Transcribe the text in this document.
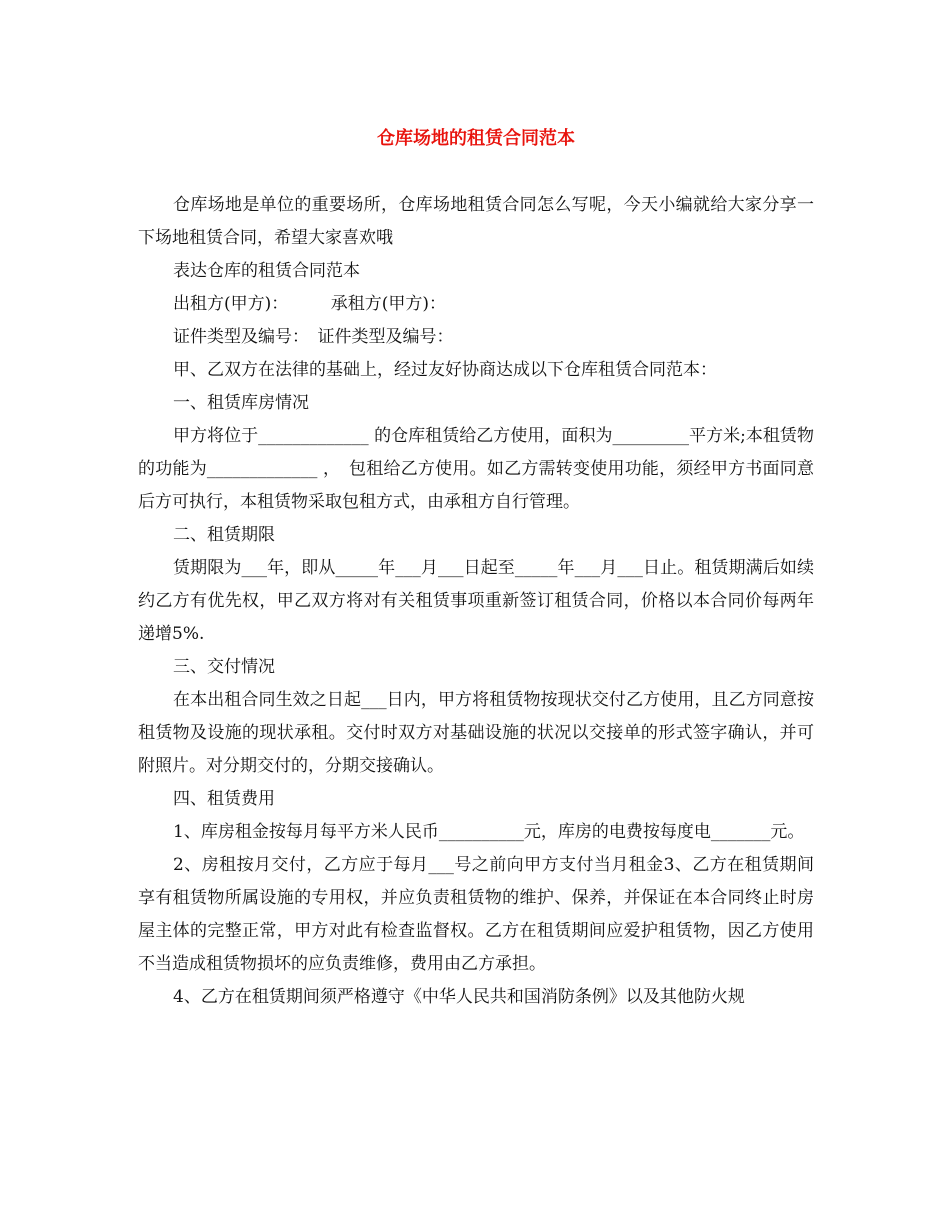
仓库场地的租赁合同范本

仓库场地是单位的重要场所，仓库场地租赁合同怎么写呢，今天小编就给大家分享一下场地租赁合同，希望大家喜欢哦

表达仓库的租赁合同范本

出租方(甲方)：　　　承租方(甲方)：

证件类型及编号：　证件类型及编号：

甲、乙双方在法律的基础上，经过友好协商达成以下仓库租赁合同范本：

一、租赁库房情况

甲方将位于_____________ 的仓库租赁给乙方使用，面积为_________平方米;本租赁物的功能为_____________ ，　包租给乙方使用。如乙方需转变使用功能，须经甲方书面同意后方可执行，本租赁物采取包租方式，由承租方自行管理。

二、租赁期限

赁期限为___年，即从_____年___月___日起至_____年___月___日止。租赁期满后如续约乙方有优先权，甲乙双方将对有关租赁事项重新签订租赁合同，价格以本合同价每两年递增5%.

三、交付情况

在本出租合同生效之日起___日内，甲方将租赁物按现状交付乙方使用，且乙方同意按租赁物及设施的现状承租。交付时双方对基础设施的状况以交接单的形式签字确认，并可附照片。对分期交付的，分期交接确认。

四、租赁费用

1、库房租金按每月每平方米人民币__________元，库房的电费按每度电_______元。

2、房租按月交付，乙方应于每月___号之前向甲方支付当月租金3、乙方在租赁期间享有租赁物所属设施的专用权，并应负责租赁物的维护、保养，并保证在本合同终止时房屋主体的完整正常，甲方对此有检查监督权。乙方在租赁期间应爱护租赁物，因乙方使用不当造成租赁物损坏的应负责维修，费用由乙方承担。

4、乙方在租赁期间须严格遵守《中华人民共和国消防条例》以及其他防火规
